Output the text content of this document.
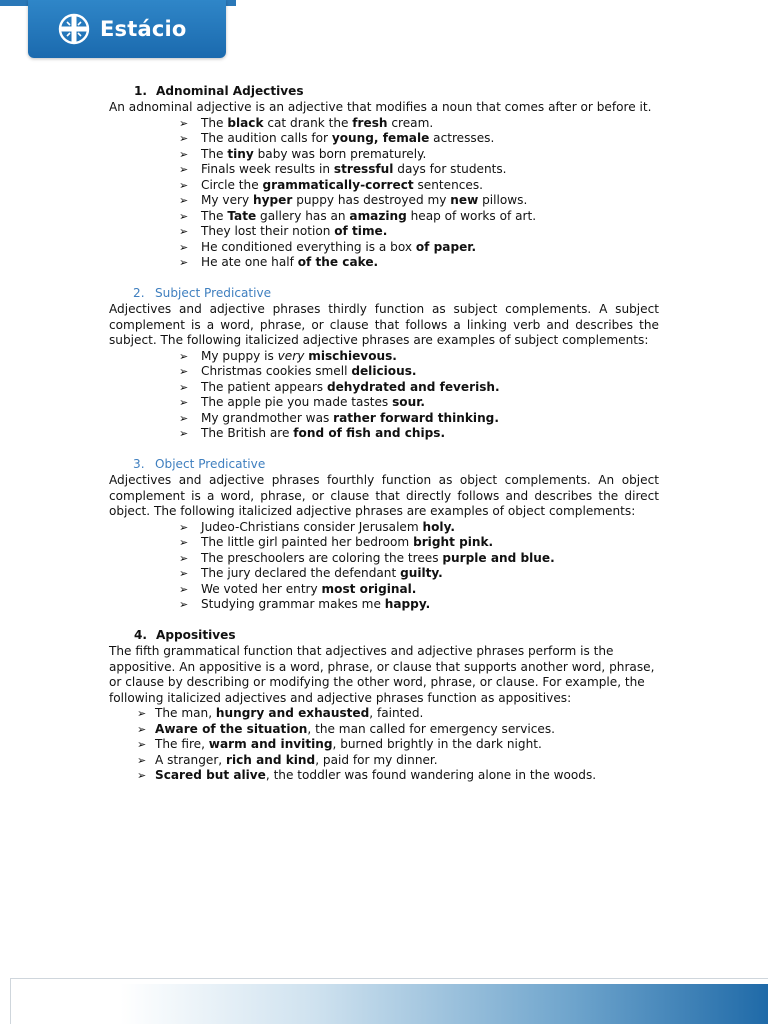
Estácio
1. Adnominal Adjectives
An adnominal adjective is an adjective that modifies a noun that comes after or before it.
➢ The black cat drank the fresh cream.
➢ The audition calls for young, female actresses.
➢ The tiny baby was born prematurely.
➢ Finals week results in stressful days for students.
➢ Circle the grammatically-correct sentences.
➢ My very hyper puppy has destroyed my new pillows.
➢ The Tate gallery has an amazing heap of works of art.
➢ They lost their notion of time.
➢ He conditioned everything is a box of paper.
➢ He ate one half of the cake.
2. Subject Predicative
Adjectives and adjective phrases thirdly function as subject complements. A subject complement is a word, phrase, or clause that follows a linking verb and describes the subject. The following italicized adjective phrases are examples of subject complements:
➢ My puppy is very mischievous.
➢ Christmas cookies smell delicious.
➢ The patient appears dehydrated and feverish.
➢ The apple pie you made tastes sour.
➢ My grandmother was rather forward thinking.
➢ The British are fond of fish and chips.
3. Object Predicative
Adjectives and adjective phrases fourthly function as object complements. An object complement is a word, phrase, or clause that directly follows and describes the direct object. The following italicized adjective phrases are examples of object complements:
➢ Judeo-Christians consider Jerusalem holy.
➢ The little girl painted her bedroom bright pink.
➢ The preschoolers are coloring the trees purple and blue.
➢ The jury declared the defendant guilty.
➢ We voted her entry most original.
➢ Studying grammar makes me happy.
4. Appositives
The fifth grammatical function that adjectives and adjective phrases perform is the appositive. An appositive is a word, phrase, or clause that supports another word, phrase, or clause by describing or modifying the other word, phrase, or clause. For example, the following italicized adjectives and adjective phrases function as appositives:
➢ The man, hungry and exhausted, fainted.
➢ Aware of the situation, the man called for emergency services.
➢ The fire, warm and inviting, burned brightly in the dark night.
➢ A stranger, rich and kind, paid for my dinner.
➢ Scared but alive, the toddler was found wandering alone in the woods.
